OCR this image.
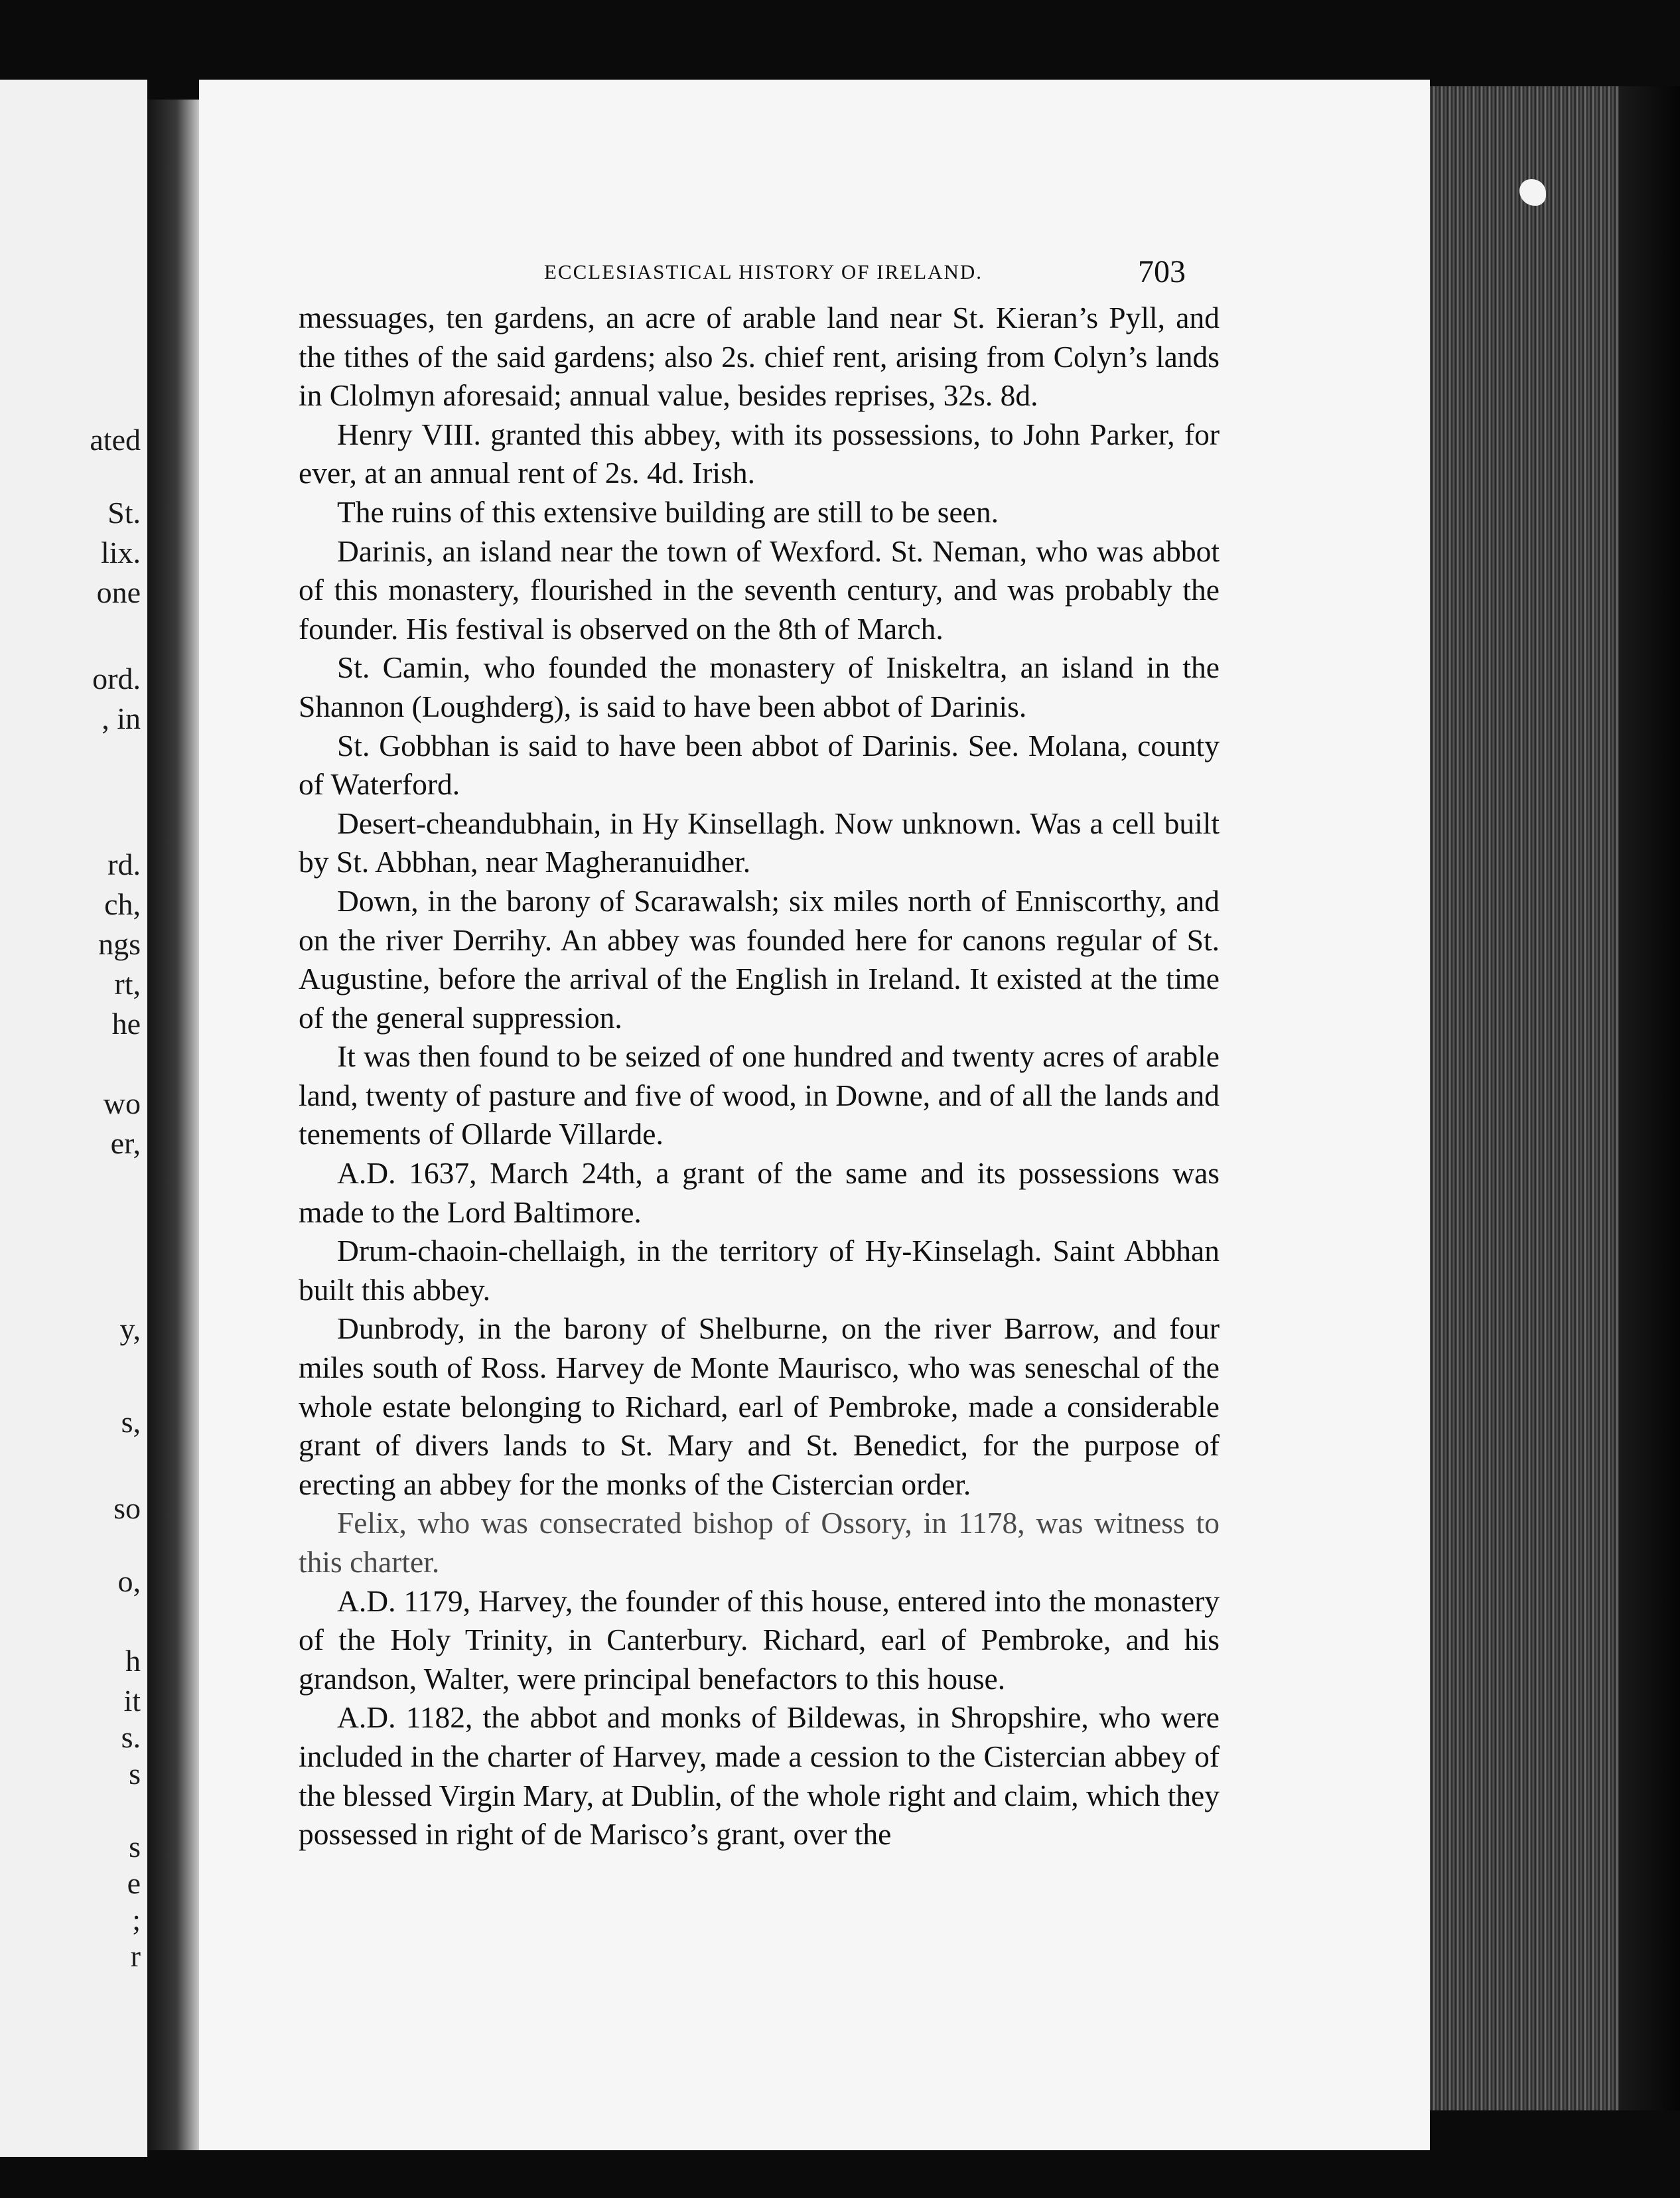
ated
St.
lix.
one
ord.
, in
rd.
ch,
ngs
rt,
he
wo
er,
y,
s,
so
o,
h
it
s.
s
s
e
;
r
ECCLESIASTICAL HISTORY OF IRELAND.	703

messuages, ten gardens, an acre of arable land near St. Kieran’s Pyll, and the tithes of the said gardens; also 2s. chief rent, arising from Colyn’s lands in Clolmyn aforesaid; annual value, besides reprises, 32s. 8d.

Henry VIII. granted this abbey, with its possessions, to John Parker, for ever, at an annual rent of 2s. 4d. Irish.

The ruins of this extensive building are still to be seen.

Darinis, an island near the town of Wexford. St. Neman, who was abbot of this monastery, flourished in the seventh century, and was probably the founder. His festival is observed on the 8th of March.

St. Camin, who founded the monastery of Iniskeltra, an island in the Shannon (Loughderg), is said to have been abbot of Darinis.

St. Gobbhan is said to have been abbot of Darinis. See. Molana, county of Waterford.

Desert-cheandubhain, in Hy Kinsellagh. Now unknown. Was a cell built by St. Abbhan, near Magheranuidher.

Down, in the barony of Scarawalsh; six miles north of Enniscorthy, and on the river Derrihy. An abbey was founded here for canons regular of St. Augustine, before the arrival of the English in Ireland. It existed at the time of the general suppression.

It was then found to be seized of one hundred and twenty acres of arable land, twenty of pasture and five of wood, in Downe, and of all the lands and tenements of Ollarde Villarde.

A.D. 1637, March 24th, a grant of the same and its possessions was made to the Lord Baltimore.

Drum-chaoin-chellaigh, in the territory of Hy-Kinselagh. Saint Abbhan built this abbey.

Dunbrody, in the barony of Shelburne, on the river Barrow, and four miles south of Ross. Harvey de Monte Maurisco, who was seneschal of the whole estate belonging to Richard, earl of Pembroke, made a considerable grant of divers lands to St. Mary and St. Benedict, for the purpose of erecting an abbey for the monks of the Cistercian order.

Felix, who was consecrated bishop of Ossory, in 1178, was witness to this charter.

A.D. 1179, Harvey, the founder of this house, entered into the monastery of the Holy Trinity, in Canterbury. Richard, earl of Pembroke, and his grandson, Walter, were principal benefactors to this house.

A.D. 1182, the abbot and monks of Bildewas, in Shropshire, who were included in the charter of Harvey, made a cession to the Cistercian abbey of the blessed Virgin Mary, at Dublin, of the whole right and claim, which they possessed in right of de Marisco’s grant, over the
